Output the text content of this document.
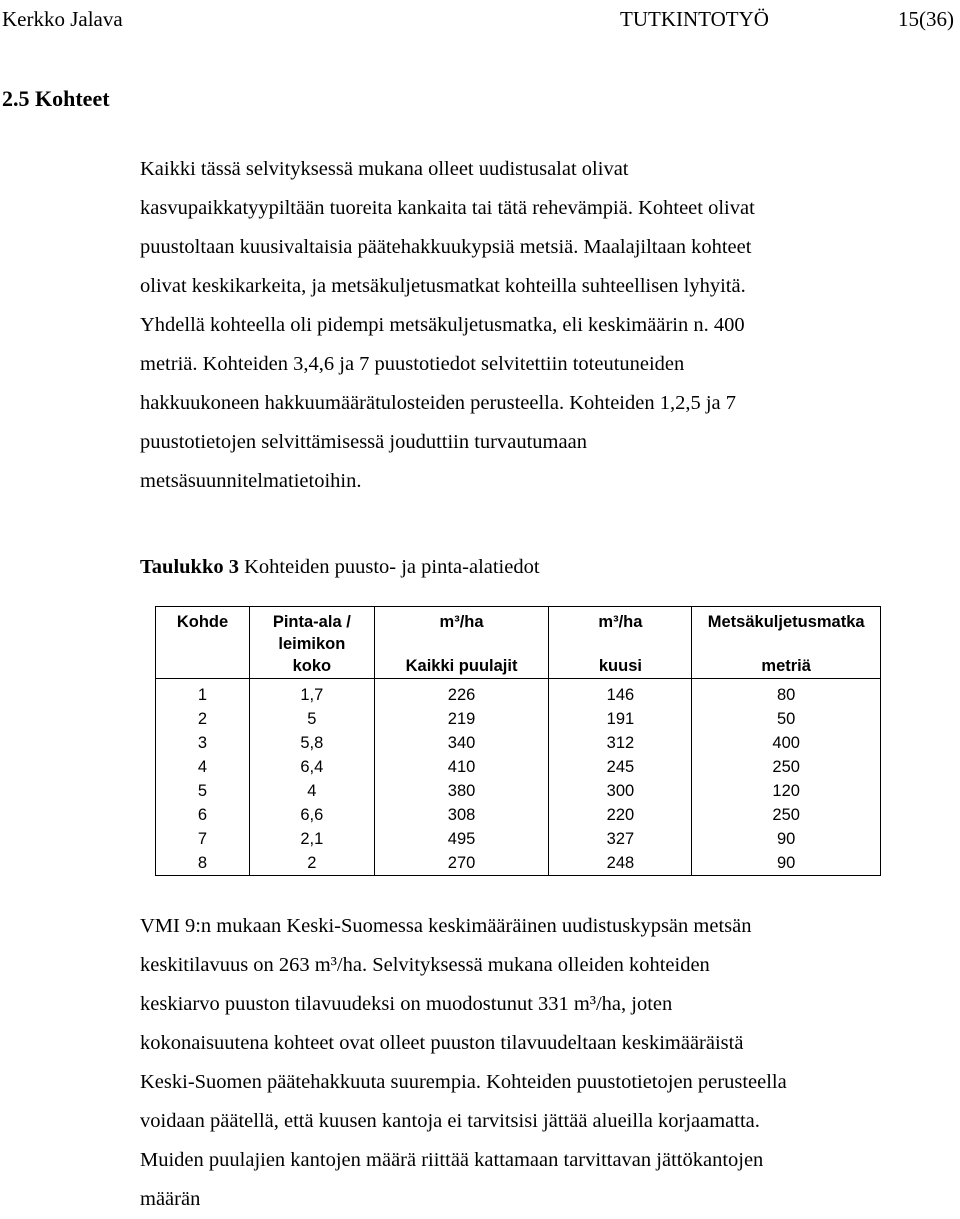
Kerkko Jalava	TUTKINTOTYÖ	15(36)
2.5 Kohteet

Kaikki tässä selvityksessä mukana olleet uudistusalat olivat
kasvupaikkatyypiltään tuoreita kankaita tai tätä rehevämpiä. Kohteet olivat
puustoltaan kuusivaltaisia päätehakkuukypsiä metsiä. Maalajiltaan kohteet
olivat keskikarkeita, ja metsäkuljetusmatkat kohteilla suhteellisen lyhyitä.
Yhdellä kohteella oli pidempi metsäkuljetusmatka, eli keskimäärin n. 400
metriä. Kohteiden 3,4,6 ja 7 puustotiedot selvitettiin toteutuneiden
hakkuukoneen hakkuumäärätulosteiden perusteella. Kohteiden 1,2,5 ja 7
puustotietojen selvittämisessä jouduttiin turvautumaan
metsäsuunnitelmatietoihin.

Taulukko 3 Kohteiden puusto- ja pinta-alatiedot

Kohde	Pinta-ala / leimikon	m³/ha	m³/ha	Metsäkuljetusmatka
	koko	Kaikki puulajit	kuusi	metriä
1	1,7	226	146	80
2	5	219	191	50
3	5,8	340	312	400
4	6,4	410	245	250
5	4	380	300	120
6	6,6	308	220	250
7	2,1	495	327	90
8	2	270	248	90

VMI 9:n mukaan Keski-Suomessa keskimääräinen uudistuskypsän metsän
keskitilavuus on 263 m³/ha. Selvityksessä mukana olleiden kohteiden
keskiarvo puuston tilavuudeksi on muodostunut 331 m³/ha, joten
kokonaisuutena kohteet ovat olleet puuston tilavuudeltaan keskimääräistä
Keski-Suomen päätehakkuuta suurempia. Kohteiden puustotietojen perusteella
voidaan päätellä, että kuusen kantoja ei tarvitsisi jättää alueilla korjaamatta.
Muiden puulajien kantojen määrä riittää kattamaan tarvittavan jättökantojen
määrän
